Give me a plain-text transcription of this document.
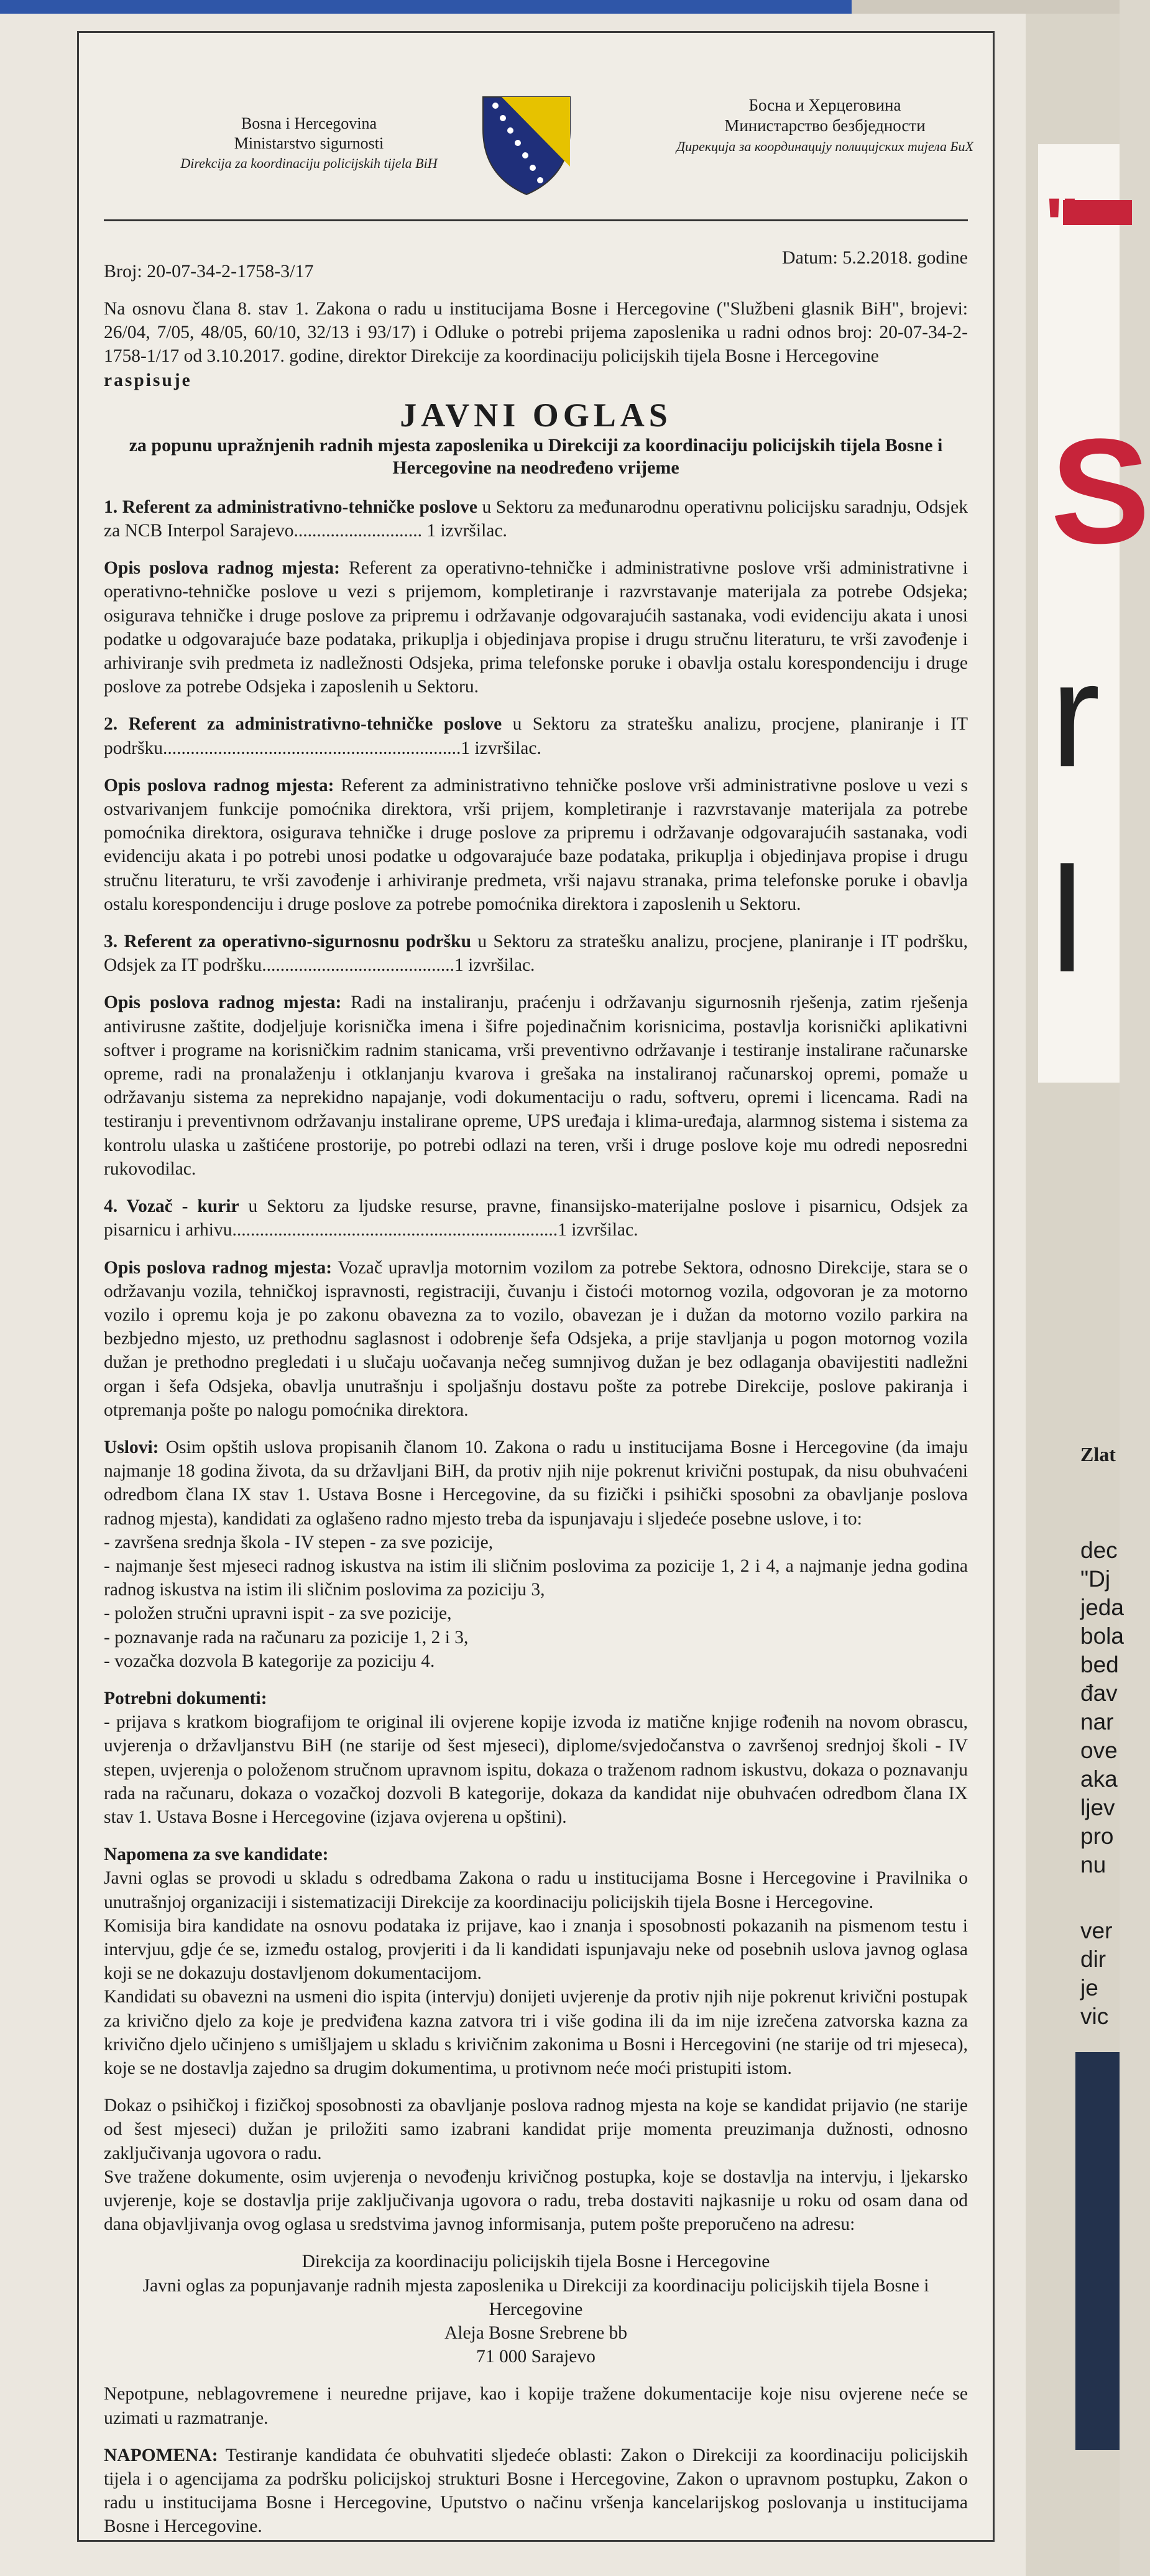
Bosna i Hercegovina
Ministarstvo sigurnosti
Direkcija za koordinaciju policijskih tijela BiH
Босна и Херцеговина
Министарство безбједности
Дирекција за координацију полицијских тијела БиХ
Broj: 20-07-34-2-1758-3/17
Datum: 5.2.2018. godine

Na osnovu člana 8. stav 1. Zakona o radu u institucijama Bosne i Hercegovine ("Službeni glasnik BiH", brojevi: 26/04, 7/05, 48/05, 60/10, 32/13 i 93/17) i Odluke o potrebi prijema zaposlenika u radni odnos broj: 20-07-34-2-1758-1/17 od 3.10.2017. godine, direktor Direkcije za koordinaciju policijskih tijela Bosne i Hercegovine
raspisuje

JAVNI OGLAS
za popunu upražnjenih radnih mjesta zaposlenika u Direkciji za koordinaciju policijskih tijela Bosne i Hercegovine na neodređeno vrijeme

1. Referent za administrativno-tehničke poslove u Sektoru za međunarodnu operativnu policijsku saradnju, Odsjek za NCB Interpol Sarajevo............................ 1 izvršilac.

Opis poslova radnog mjesta: Referent za operativno-tehničke i administrativne poslove vrši administrativne i operativno-tehničke poslove u vezi s prijemom, kompletiranje i razvrstavanje materijala za potrebe Odsjeka; osigurava tehničke i druge poslove za pripremu i održavanje odgovarajućih sastanaka, vodi evidenciju akata i unosi podatke u odgovarajuće baze podataka, prikuplja i objedinjava propise i drugu stručnu literaturu, te vrši zavođenje i arhiviranje svih predmeta iz nadležnosti Odsjeka, prima telefonske poruke i obavlja ostalu korespondenciju i druge poslove za potrebe Odsjeka i zaposlenih u Sektoru.

2. Referent za administrativno-tehničke poslove u Sektoru za stratešku analizu, procjene, planiranje i IT podršku.................................................................1 izvršilac.

Opis poslova radnog mjesta: Referent za administrativno tehničke poslove vrši administrativne poslove u vezi s ostvarivanjem funkcije pomoćnika direktora, vrši prijem, kompletiranje i razvrstavanje materijala za potrebe pomoćnika direktora, osigurava tehničke i druge poslove za pripremu i održavanje odgovarajućih sastanaka, vodi evidenciju akata i po potrebi unosi podatke u odgovarajuće baze podataka, prikuplja i objedinjava propise i drugu stručnu literaturu, te vrši zavođenje i arhiviranje predmeta, vrši najavu stranaka, prima telefonske poruke i obavlja ostalu korespondenciju i druge poslove za potrebe pomoćnika direktora i zaposlenih u Sektoru.

3. Referent za operativno-sigurnosnu podršku u Sektoru za stratešku analizu, procjene, planiranje i IT podršku, Odsjek za IT podršku..........................................1 izvršilac.

Opis poslova radnog mjesta: Radi na instaliranju, praćenju i održavanju sigurnosnih rješenja, zatim rješenja antivirusne zaštite, dodjeljuje korisnička imena i šifre pojedinačnim korisnicima, postavlja korisnički aplikativni softver i programe na korisničkim radnim stanicama, vrši preventivno održavanje i testiranje instalirane računarske opreme, radi na pronalaženju i otklanjanju kvarova i grešaka na instaliranoj računarskoj opremi, pomaže u održavanju sistema za neprekidno napajanje, vodi dokumentaciju o radu, softveru, opremi i licencama. Radi na testiranju i preventivnom održavanju instalirane opreme, UPS uređaja i klima-uređaja, alarmnog sistema i sistema za kontrolu ulaska u zaštićene prostorije, po potrebi odlazi na teren, vrši i druge poslove koje mu odredi neposredni rukovodilac.

4. Vozač - kurir u Sektoru za ljudske resurse, pravne, finansijsko-materijalne poslove i pisarnicu, Odsjek za pisarnicu i arhivu.......................................................................1 izvršilac.

Opis poslova radnog mjesta: Vozač upravlja motornim vozilom za potrebe Sektora, odnosno Direkcije, stara se o održavanju vozila, tehničkoj ispravnosti, registraciji, čuvanju i čistoći motornog vozila, odgovoran je za motorno vozilo i opremu koja je po zakonu obavezna za to vozilo, obavezan je i dužan da motorno vozilo parkira na bezbjedno mjesto, uz prethodnu saglasnost i odobrenje šefa Odsjeka, a prije stavljanja u pogon motornog vozila dužan je prethodno pregledati i u slučaju uočavanja nečeg sumnjivog dužan je bez odlaganja obavijestiti nadležni organ i šefa Odsjeka, obavlja unutrašnju i spoljašnju dostavu pošte za potrebe Direkcije, poslove pakiranja i otpremanja pošte po nalogu pomoćnika direktora.

Uslovi: Osim opštih uslova propisanih članom 10. Zakona o radu u institucijama Bosne i Hercegovine (da imaju najmanje 18 godina života, da su državljani BiH, da protiv njih nije pokrenut krivični postupak, da nisu obuhvaćeni odredbom člana IX stav 1. Ustava Bosne i Hercegovine, da su fizički i psihički sposobni za obavljanje poslova radnog mjesta), kandidati za oglašeno radno mjesto treba da ispunjavaju i sljedeće posebne uslove, i to:

- završena srednja škola - IV stepen - za sve pozicije,

- najmanje šest mjeseci radnog iskustva na istim ili sličnim poslovima za pozicije 1, 2 i 4, a najmanje jedna godina radnog iskustva na istim ili sličnim poslovima za poziciju 3,

- položen stručni upravni ispit - za sve pozicije,

- poznavanje rada na računaru za pozicije 1, 2 i 3,

- vozačka dozvola B kategorije za poziciju 4.

Potrebni dokumenti:

- prijava s kratkom biografijom te original ili ovjerene kopije izvoda iz matične knjige rođenih na novom obrascu, uvjerenja o državljanstvu BiH (ne starije od šest mjeseci), diplome/svjedočanstva o završenoj srednjoj školi - IV stepen, uvjerenja o položenom stručnom upravnom ispitu, dokaza o traženom radnom iskustvu, dokaza o poznavanju rada na računaru, dokaza o vozačkoj dozvoli B kategorije, dokaza da kandidat nije obuhvaćen odredbom člana IX stav 1. Ustava Bosne i Hercegovine (izjava ovjerena u opštini).

Napomena za sve kandidate:

Javni oglas se provodi u skladu s odredbama Zakona o radu u institucijama Bosne i Hercegovine i Pravilnika o unutrašnjoj organizaciji i sistematizaciji Direkcije za koordinaciju policijskih tijela Bosne i Hercegovine.

Komisija bira kandidate na osnovu podataka iz prijave, kao i znanja i sposobnosti pokazanih na pismenom testu i intervjuu, gdje će se, između ostalog, provjeriti i da li kandidati ispunjavaju neke od posebnih uslova javnog oglasa koji se ne dokazuju dostavljenom dokumentacijom.

Kandidati su obavezni na usmeni dio ispita (intervju) donijeti uvjerenje da protiv njih nije pokrenut krivični postupak za krivično djelo za koje je predviđena kazna zatvora tri i više godina ili da im nije izrečena zatvorska kazna za krivično djelo učinjeno s umišljajem u skladu s krivičnim zakonima u Bosni i Hercegovini (ne starije od tri mjeseca), koje se ne dostavlja zajedno sa drugim dokumentima, u protivnom neće moći pristupiti istom.

Dokaz o psihičkoj i fizičkoj sposobnosti za obavljanje poslova radnog mjesta na koje se kandidat prijavio (ne starije od šest mjeseci) dužan je priložiti samo izabrani kandidat prije momenta preuzimanja dužnosti, odnosno zaključivanja ugovora o radu.

Sve tražene dokumente, osim uvjerenja o nevođenju krivičnog postupka, koje se dostavlja na intervju, i ljekarsko uvjerenje, koje se dostavlja prije zaključivanja ugovora o radu, treba dostaviti najkasnije u roku od osam dana od dana objavljivanja ovog oglasa u sredstvima javnog informisanja, putem pošte preporučeno na adresu:

Direkcija za koordinaciju policijskih tijela Bosne i Hercegovine
Javni oglas za popunjavanje radnih mjesta zaposlenika u Direkciji za koordinaciju policijskih tijela Bosne i Hercegovine
Aleja Bosne Srebrene bb
71 000 Sarajevo

Nepotpune, neblagovremene i neuredne prijave, kao i kopije tražene dokumentacije koje nisu ovjerene neće se uzimati u razmatranje.

NAPOMENA: Testiranje kandidata će obuhvatiti sljedeće oblasti: Zakon o Direkciji za koordinaciju policijskih tijela i o agencijama za podršku policijskoj strukturi Bosne i Hercegovine, Zakon o upravnom postupku, Zakon o radu u institucijama Bosne i Hercegovine, Uputstvo o načinu vršenja kancelarijskog poslovanja u institucijama Bosne i Hercegovine.

"
S
r
l
Zlat
dec
"Dj
jeda
bola
bed
đav
nar
ove
aka
ljev
pro
nu
ver
dir
je
vic
